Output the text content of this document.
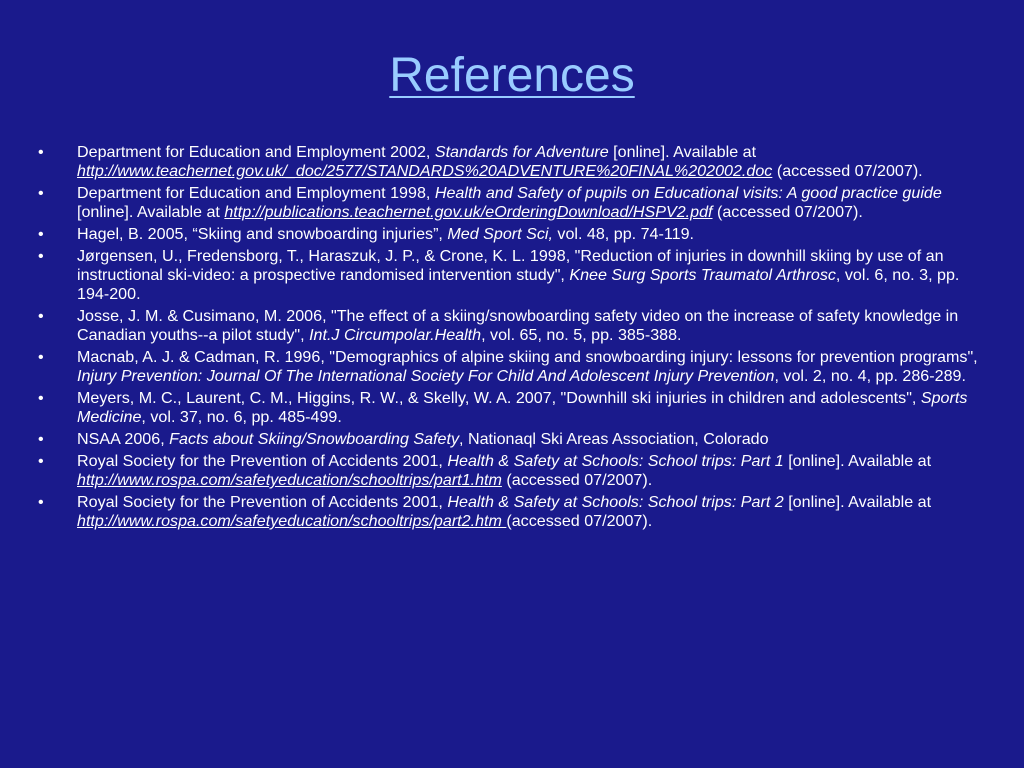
References
• Department for Education and Employment 2002, Standards for Adventure [online]. Available at http://www.teachernet.gov.uk/_doc/2577/STANDARDS%20ADVENTURE%20FINAL%202002.doc (accessed 07/2007).
• Department for Education and Employment 1998, Health and Safety of pupils on Educational visits: A good practice guide [online]. Available at http://publications.teachernet.gov.uk/eOrderingDownload/HSPV2.pdf (accessed 07/2007).
• Hagel, B. 2005, “Skiing and snowboarding injuries”, Med Sport Sci, vol. 48, pp. 74-119.
• Jørgensen, U., Fredensborg, T., Haraszuk, J. P., & Crone, K. L. 1998, "Reduction of injuries in downhill skiing by use of an instructional ski-video: a prospective randomised intervention study", Knee Surg Sports Traumatol Arthrosc, vol. 6, no. 3, pp. 194-200.
• Josse, J. M. & Cusimano, M. 2006, "The effect of a skiing/snowboarding safety video on the increase of safety knowledge in Canadian youths--a pilot study", Int.J Circumpolar.Health, vol. 65, no. 5, pp. 385-388.
• Macnab, A. J. & Cadman, R. 1996, "Demographics of alpine skiing and snowboarding injury: lessons for prevention programs", Injury Prevention: Journal Of The International Society For Child And Adolescent Injury Prevention, vol. 2, no. 4, pp. 286-289.
• Meyers, M. C., Laurent, C. M., Higgins, R. W., & Skelly, W. A. 2007, "Downhill ski injuries in children and adolescents", Sports Medicine, vol. 37, no. 6, pp. 485-499.
• NSAA 2006, Facts about Skiing/Snowboarding Safety, Nationaql Ski Areas Association, Colorado
• Royal Society for the Prevention of Accidents 2001, Health & Safety at Schools: School trips: Part 1 [online]. Available at http://www.rospa.com/safetyeducation/schooltrips/part1.htm (accessed 07/2007).
• Royal Society for the Prevention of Accidents 2001, Health & Safety at Schools: School trips: Part 2 [online]. Available at http://www.rospa.com/safetyeducation/schooltrips/part2.htm (accessed 07/2007).
